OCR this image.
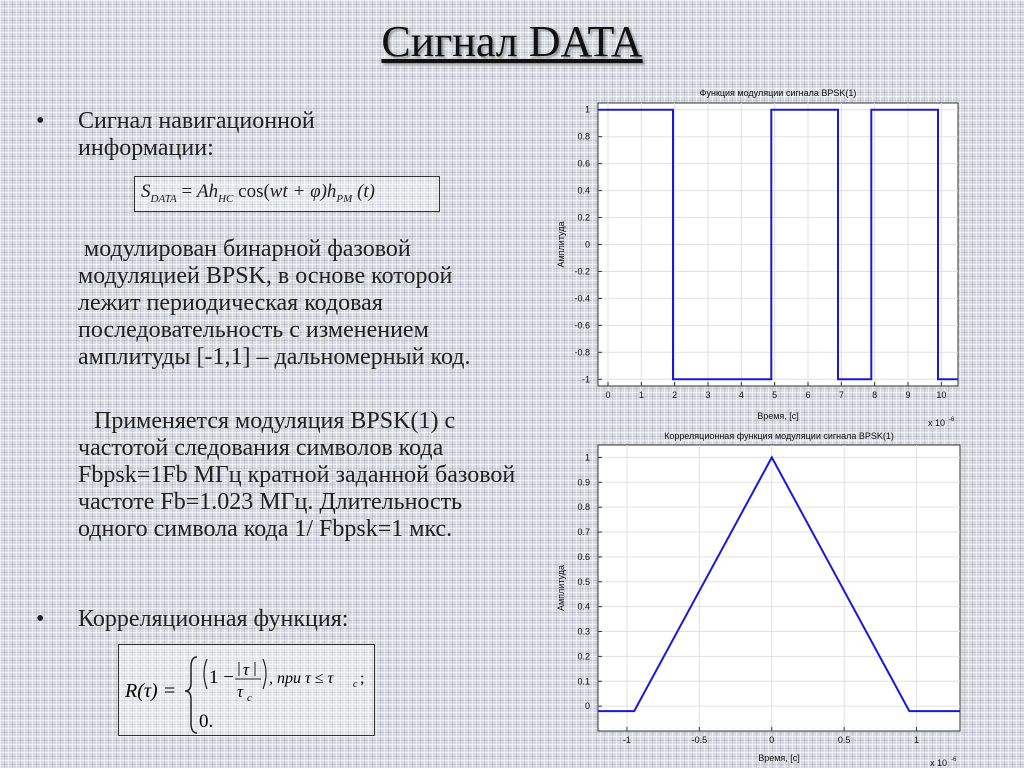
Сигнал DATA
•	Сигнал навигационной информации:
$S_{DATA} = Ah_{HC}$ $\cos(wt + \varphi)h_{PM}$ (t)
модулирован бинарной фазовой модуляцией BPSK, в основе которой лежит периодическая кодовая последовательность с изменением амплитуды [-1,1] – дальномерный код.
Применяется модуляция BPSK(1) с частотой следования символов кода Fbpsk=1Fb МГц кратной заданной базовой частоте Fb=1.023 МГц. Длительность одного символа кода 1/ Fbpsk=1 мкс.
•	Корреляционная функция:
R(τ) =
1 − τ
τ c
, при τ ≤ τ c ;
0.
Функция модуляции сигнала BPSK(1)
0	1	2	3	4	5	6	7	8	9	10
1
0.8
0.6
0.4
0.2
0
-0.2
-0.4
-0.6
-0.8
-1
Время, [c]
Амплитуда
x 10 -6
Корреляционная функция модуляции сигнала BPSK(1)
-1	-0.5	0	0.5	1
1
0.9
0.8
0.7
0.6
0.5
0.4
0.3
0.2
0.1
0
Время, [c]
Амплитуда
x 10 -6
